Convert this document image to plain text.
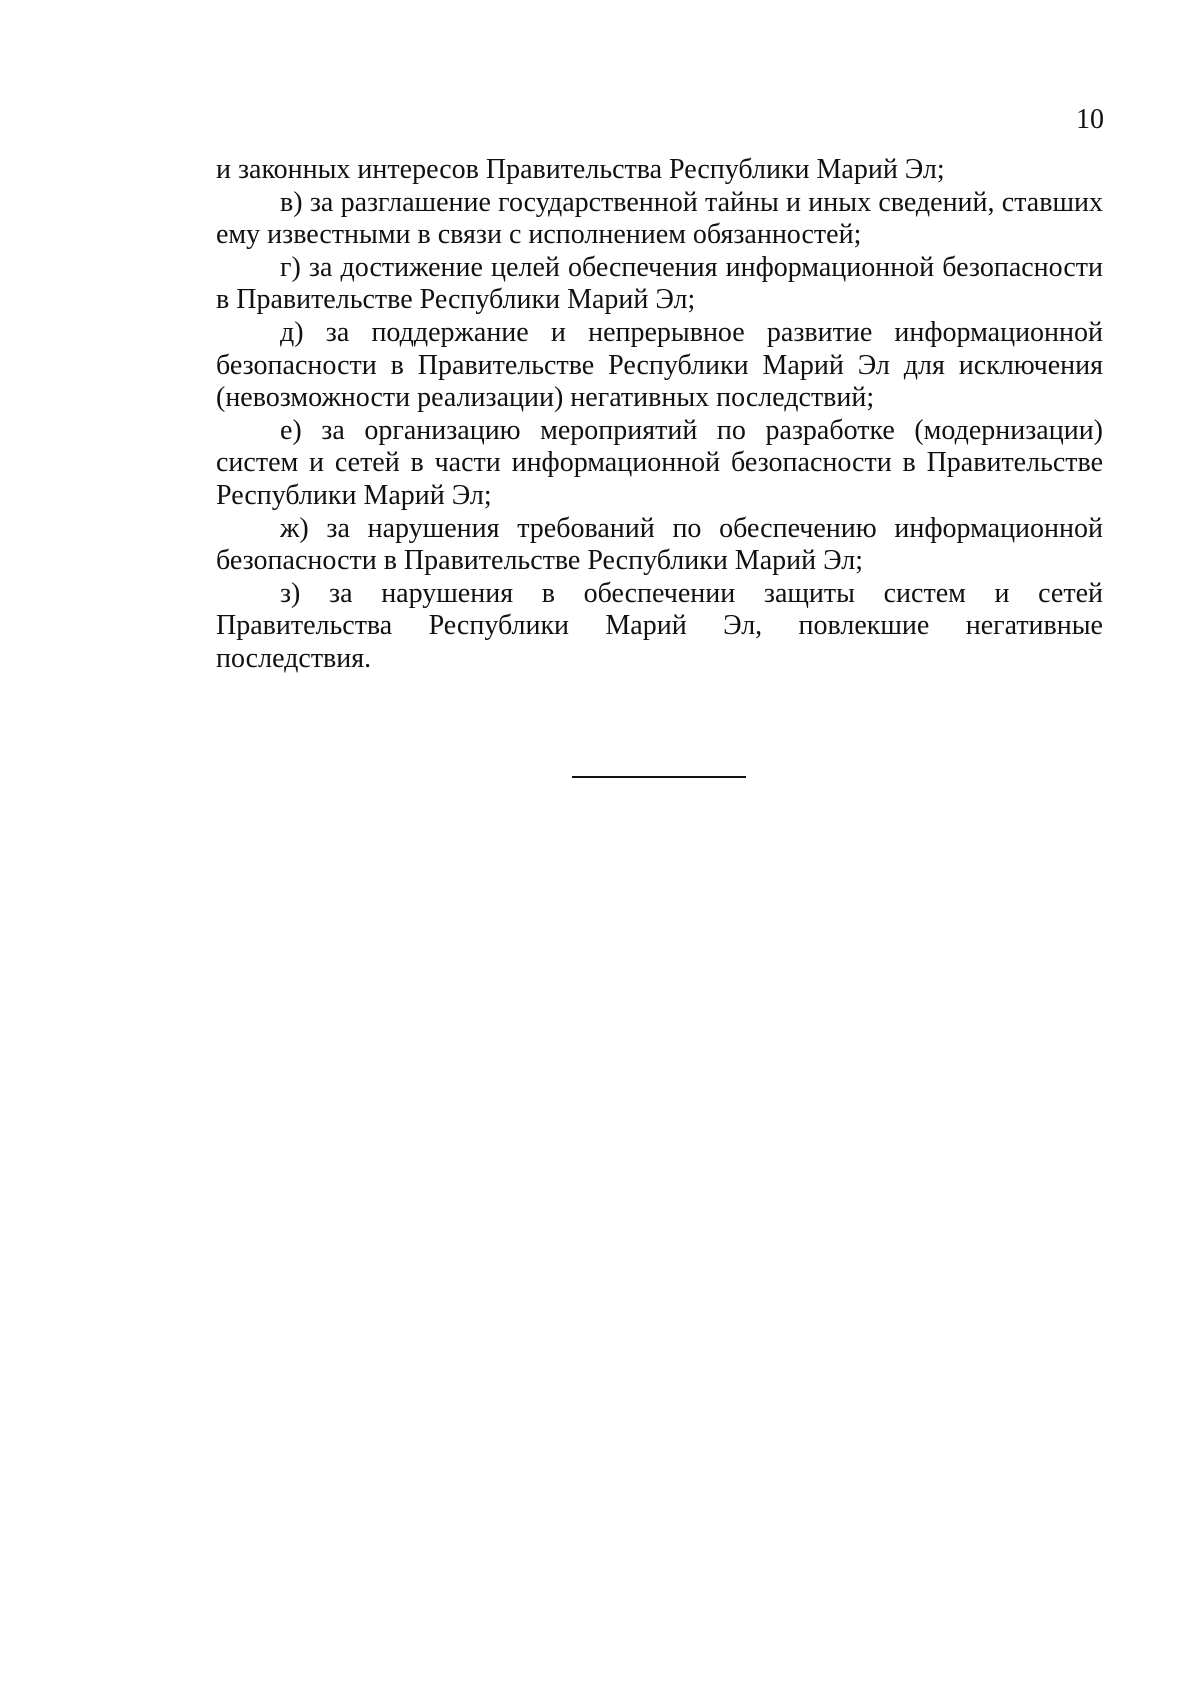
10

и законных интересов Правительства Республики Марий Эл;

в) за разглашение государственной тайны и иных сведений, ставших ему известными в связи с исполнением обязанностей;

г) за достижение целей обеспечения информационной безопасности в Правительстве Республики Марий Эл;

д) за поддержание и непрерывное развитие информационной безопасности в Правительстве Республики Марий Эл для исключения (невозможности реализации) негативных последствий;

е) за организацию мероприятий по разработке (модернизации) систем и сетей в части информационной безопасности в Правительстве Республики Марий Эл;

ж) за нарушения требований по обеспечению информационной безопасности в Правительстве Республики Марий Эл;

з) за нарушения в обеспечении защиты систем и сетей Правительства Республики Марий Эл, повлекшие негативные последствия.
